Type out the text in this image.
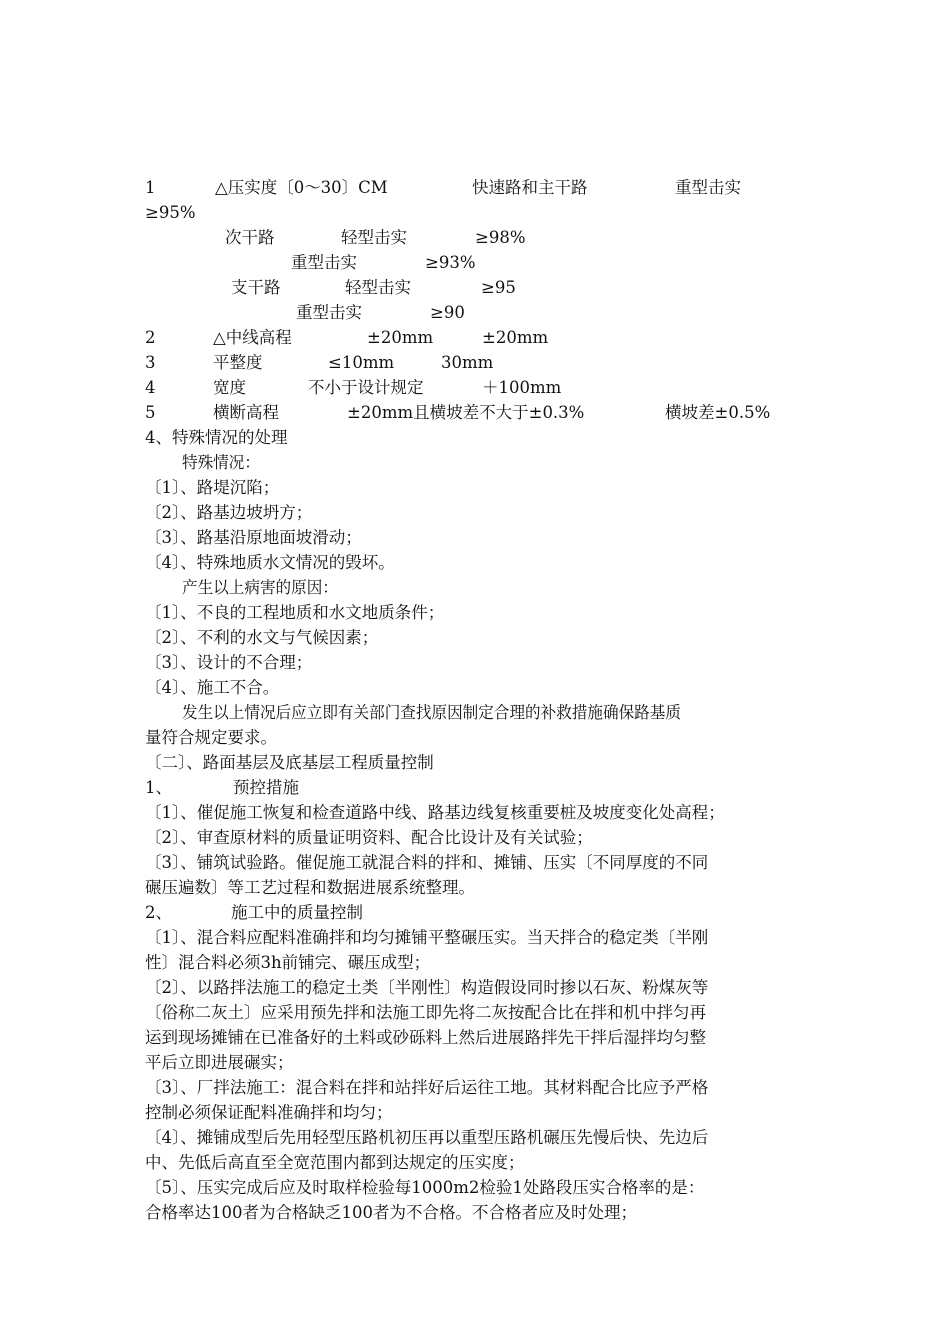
1	△压实度〔0～30〕CM	快速路和主干路	重型击实
≥95%
次干路	轻型击实	≥98%
重型击实	≥93%
支干路	轻型击实	≥95
重型击实	≥90
2	△中线高程	±20mm	±20mm
3	平整度	≤10mm	30mm
4	宽度	不小于设计规定	＋100mm
5	横断高程	±20mm且横坡差不大于±0.3%	横坡差±0.5%
4、特殊情况的处理
特殊情况：
〔1〕、路堤沉陷；
〔2〕、路基边坡坍方；
〔3〕、路基沿原地面坡滑动；
〔4〕、特殊地质水文情况的毁坏。
产生以上病害的原因：
〔1〕、不良的工程地质和水文地质条件；
〔2〕、不利的水文与气候因素；
〔3〕、设计的不合理；
〔4〕、施工不合。
发生以上情况后应立即有关部门查找原因制定合理的补救措施确保路基质
量符合规定要求。
〔二〕、路面基层及底基层工程质量控制
1、	预控措施
〔1〕、催促施工恢复和检查道路中线、路基边线复核重要桩及坡度变化处高程；
〔2〕、审查原材料的质量证明资料、配合比设计及有关试验；
〔3〕、铺筑试验路。催促施工就混合料的拌和、摊铺、压实〔不同厚度的不同
碾压遍数〕等工艺过程和数据进展系统整理。
2、	施工中的质量控制
〔1〕、混合料应配料准确拌和均匀摊铺平整碾压实。当天拌合的稳定类〔半刚
性〕混合料必须3h前铺完、碾压成型；
〔2〕、以路拌法施工的稳定土类〔半刚性〕构造假设同时掺以石灰、粉煤灰等
〔俗称二灰土〕应采用预先拌和法施工即先将二灰按配合比在拌和机中拌匀再
运到现场摊铺在已准备好的土料或砂砾料上然后进展路拌先干拌后湿拌均匀整
平后立即进展碾实；
〔3〕、厂拌法施工：混合料在拌和站拌好后运往工地。其材料配合比应予严格
控制必须保证配料准确拌和均匀；
〔4〕、摊铺成型后先用轻型压路机初压再以重型压路机碾压先慢后快、先边后
中、先低后高直至全宽范围内都到达规定的压实度；
〔5〕、压实完成后应及时取样检验每1000m2检验1处路段压实合格率的是：
合格率达100者为合格缺乏100者为不合格。不合格者应及时处理；
